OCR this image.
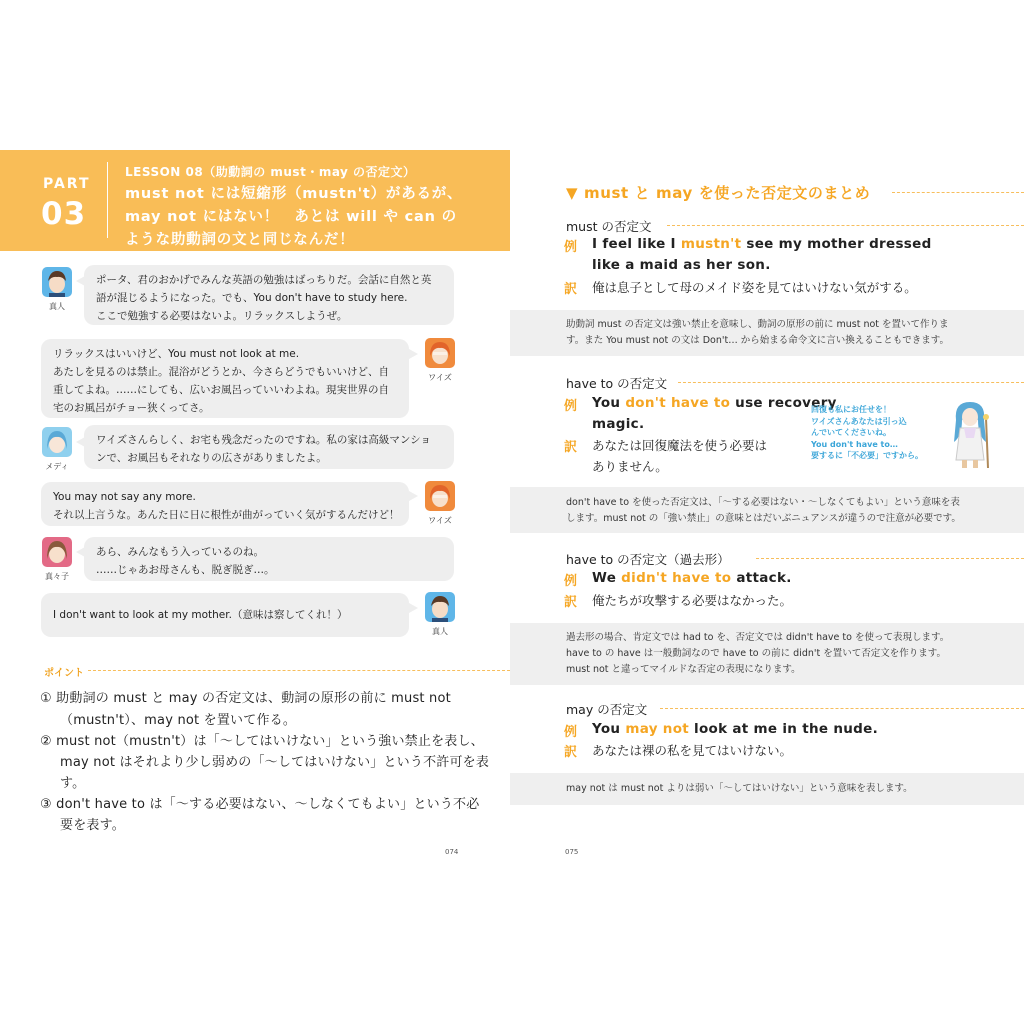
PART
03
LESSON 08（助動詞の must・may の否定文）
must not には短縮形（mustn't）があるが、
may not にはない！　あとは will や can の
ような助動詞の文と同じなんだ！
真人
ポータ、君のおかげでみんな英語の勉強はばっちりだ。会話に自然と英
語が混じるようになった。でも、You don't have to study here.
ここで勉強する必要はないよ。リラックスしようぜ。
リラックスはいいけど、You must not look at me.
あたしを見るのは禁止。混浴がどうとか、今さらどうでもいいけど、自
重してよね。……にしても、広いお風呂っていいわよね。現実世界の自
宅のお風呂がチョー狭くってさ。
ワイズ
メディ
ワイズさんらしく、お宅も残念だったのですね。私の家は高級マンショ
ンで、お風呂もそれなりの広さがありましたよ。
You may not say any more.
それ以上言うな。あんた日に日に根性が曲がっていく気がするんだけど！	ワイズ
真々子
あら、みんなもう入っているのね。
……じゃあお母さんも、脱ぎ脱ぎ…。
I don't want to look at my mother.（意味は察してくれ！）
真人
ポイント
① 助動詞の must と may の否定文は、動詞の原形の前に must not
（mustn't）、may not を置いて作る。
② must not（mustn't）は「〜してはいけない」という強い禁止を表し、
may not はそれより少し弱めの「〜してはいけない」という不許可を表
す。
③ don't have to は「〜する必要はない、〜しなくてもよい」という不必
要を表す。
074
▼ must と may を使った否定文のまとめ
must の否定文
例 I feel like I mustn't see my mother dressed
like a maid as her son.
訳 俺は息子として母のメイド姿を見てはいけない気がする。
助動詞 must の否定文は強い禁止を意味し、動詞の原形の前に must not を置いて作りま
す。また You must not の文は Don't… から始まる命令文に言い換えることもできます。
have to の否定文
例 You don't have to use recovery
magic.
訳 あなたは回復魔法を使う必要は
ありません。
回復も私にお任せを！
ワイズさんあなたは引っ込
んでいてくださいね。
You don't have to…
要するに「不必要」ですから。
don't have to を使った否定文は、「〜する必要はない・〜しなくてもよい」という意味を表
します。must not の「強い禁止」の意味とはだいぶニュアンスが違うので注意が必要です。
have to の否定文（過去形）
例 We didn't have to attack.
訳 俺たちが攻撃する必要はなかった。
過去形の場合、肯定文では had to を、否定文では didn't have to を使って表現します。
have to の have は一般動詞なので have to の前に didn't を置いて否定文を作ります。
must not と違ってマイルドな否定の表現になります。
may の否定文
例 You may not look at me in the nude.
訳 あなたは裸の私を見てはいけない。
may not は must not よりは弱い「〜してはいけない」という意味を表します。
075
